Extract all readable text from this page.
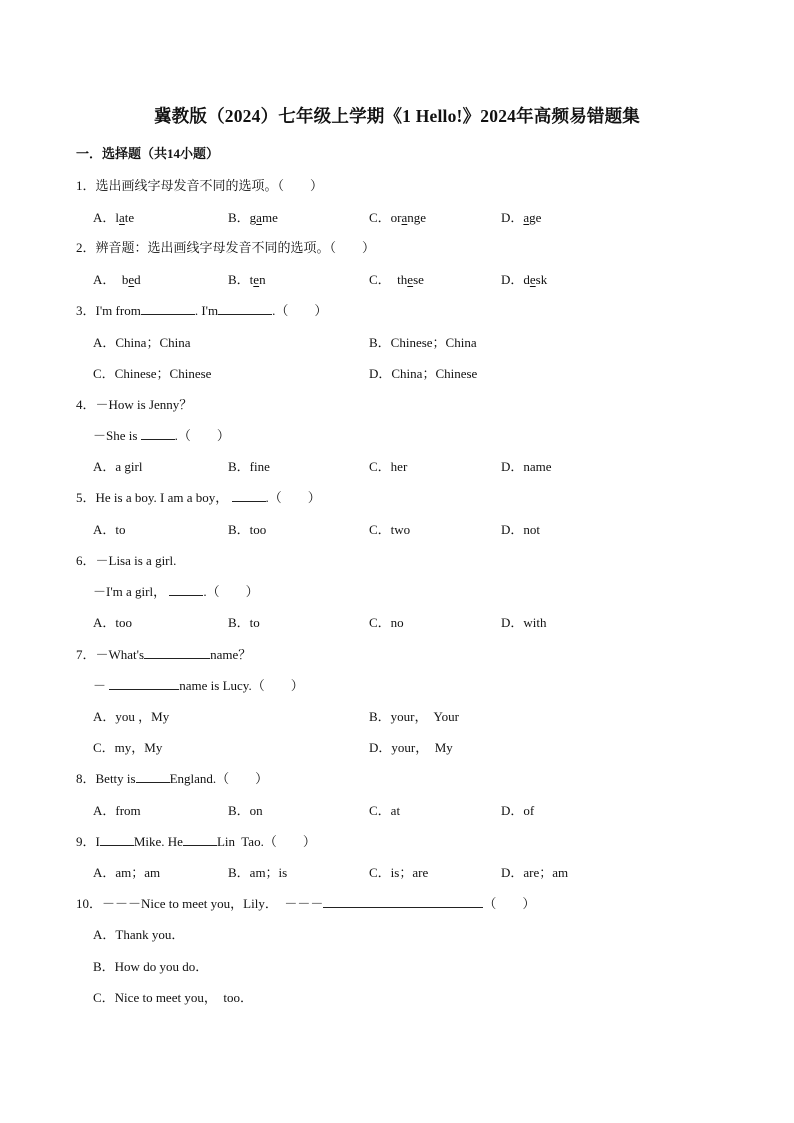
冀教版（2024）七年级上学期《1 Hello!》2024年高频易错题集
一．选择题（共14小题）
1．选出画线字母发音不同的选项。（　　）
A．late	B．game	C．orange	D．age
2．辨音题：选出画线字母发音不同的选项。（　　）
A．  bed	B．ten	C．  these	D．desk
3．I'm from	. I'm	.（　　）
A．China；China	B．Chinese；China
C．Chinese；Chinese	D．China；Chinese
4．－How is Jenny？
－She is	.（　　）
A．a girl	B．fine	C．her	D．name
5．He is a boy. I am a boy，	.（　　）
A．to	B．too	C．two	D．not
6．－Lisa is a girl.
－I'm a girl，	.（　　）
A．too	B．to	C．no	D．with
7．－What's	name？
－	name is Lucy.（　　）
A．you ，My	B．your，  Your
C．my，My	D．your，  My
8．Betty is	England.（　　）
A．from	B．on	C．at	D．of
9．I	Mike. He	Lin  Tao.（　　）
A．am；am	B．am；is	C．is；are	D．are；am
10．－－－Nice to meet you，Lily．　－－－	（　　）
A．Thank you．
B．How do you do．
C．Nice to meet you，  too．
